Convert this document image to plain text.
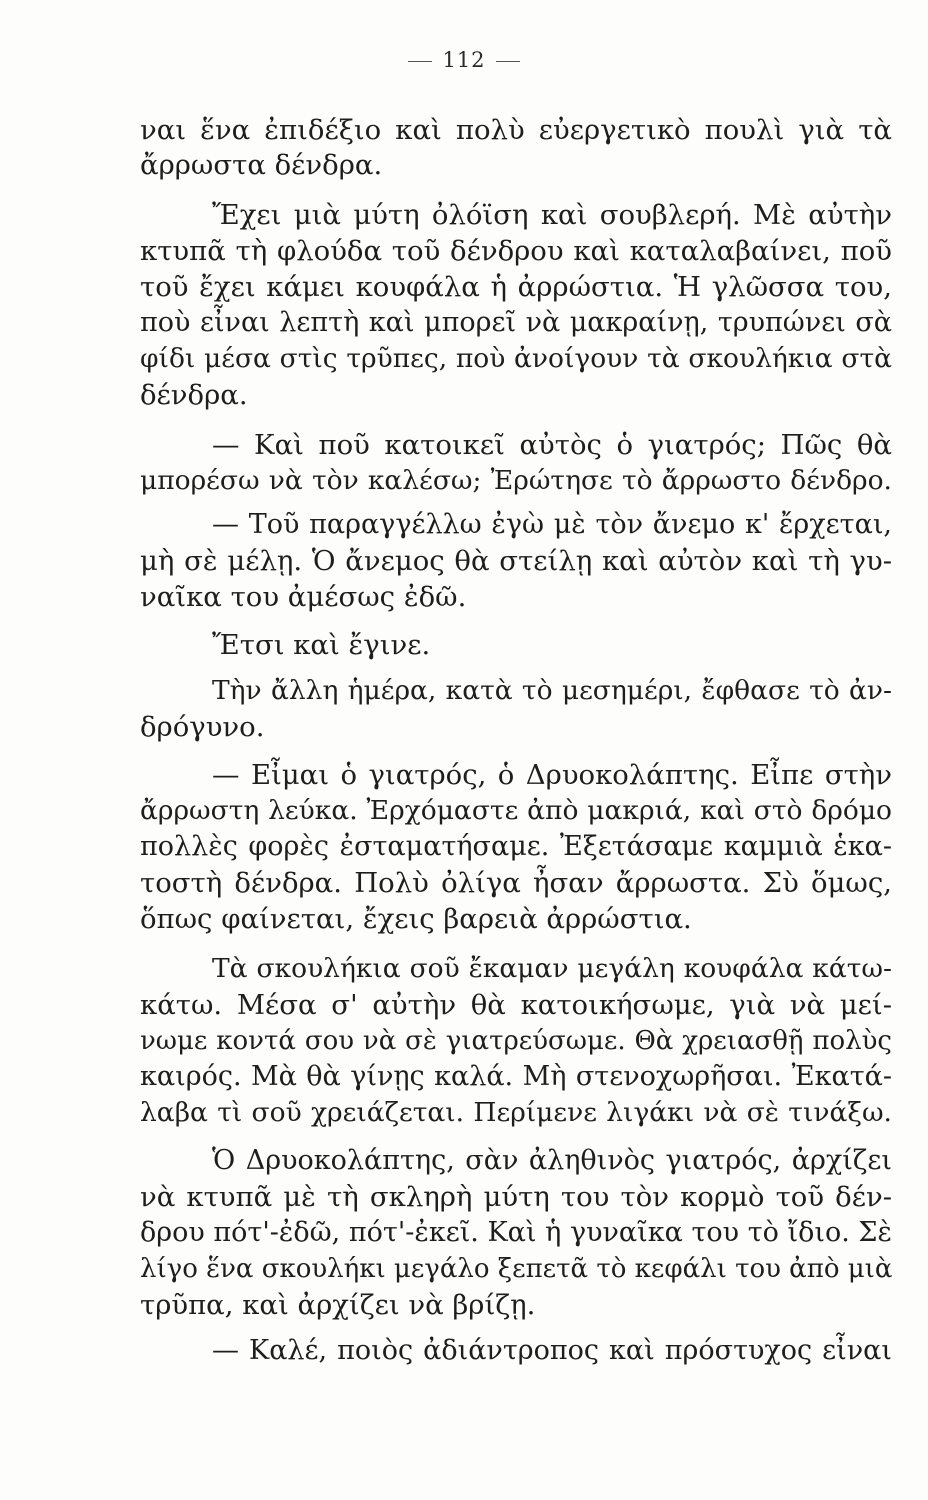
112
ναι ἕνα ἐπιδέξιο καὶ πολὺ εὐεργετικὸ πουλὶ γιὰ τὰ
ἄρρωστα δένδρα.
Ἔχει μιὰ μύτη ὀλόϊση καὶ σουβλερή. Μὲ αὐτὴν
κτυπᾶ τὴ φλούδα τοῦ δένδρου καὶ καταλαβαίνει, ποῦ
τοῦ ἔχει κάμει κουφάλα ἡ ἀρρώστια. Ἡ γλῶσσα του,
ποὺ εἶναι λεπτὴ καὶ μπορεῖ νὰ μακραίνῃ, τρυπώνει σὰ
φίδι μέσα στὶς τρῦπες, ποὺ ἀνοίγουν τὰ σκουλήκια στὰ
δένδρα.
— Καὶ ποῦ κατοικεῖ αὐτὸς ὁ γιατρός; Πῶς θὰ
μπορέσω νὰ τὸν καλέσω; Ἐρώτησε τὸ ἄρρωστο δένδρο.
— Τοῦ παραγγέλλω ἐγὼ μὲ τὸν ἄνεμο κ' ἔρχεται,
μὴ σὲ μέλῃ. Ὁ ἄνεμος θὰ στείλῃ καὶ αὐτὸν καὶ τὴ γυ-
ναῖκα του ἀμέσως ἐδῶ.
Ἔτσι καὶ ἔγινε.
Τὴν ἄλλη ἡμέρα, κατὰ τὸ μεσημέρι, ἔφθασε τὸ ἀν-
δρόγυνο.
— Εἶμαι ὁ γιατρός, ὁ Δρυοκολάπτης. Εἶπε στὴν
ἄρρωστη λεύκα. Ἐρχόμαστε ἀπὸ μακριά, καὶ στὸ δρόμο
πολλὲς φορὲς ἐσταματήσαμε. Ἐξετάσαμε καμμιὰ ἑκα-
τοστὴ δένδρα. Πολὺ ὀλίγα ἦσαν ἄρρωστα. Σὺ ὅμως,
ὅπως φαίνεται, ἔχεις βαρειὰ ἀρρώστια.
Τὰ σκουλήκια σοῦ ἔκαμαν μεγάλη κουφάλα κάτω-
κάτω. Μέσα σ' αὐτὴν θὰ κατοικήσωμε, γιὰ νὰ μεί-
νωμε κοντά σου νὰ σὲ γιατρεύσωμε. Θὰ χρειασθῇ πολὺς
καιρός. Μὰ θὰ γίνῃς καλά. Μὴ στενοχωρῆσαι. Ἐκατά-
λαβα τὶ σοῦ χρειάζεται. Περίμενε λιγάκι νὰ σὲ τινάξω.
Ὁ Δρυοκολάπτης, σὰν ἀληθινὸς γιατρός, ἀρχίζει
νὰ κτυπᾶ μὲ τὴ σκληρὴ μύτη του τὸν κορμὸ τοῦ δέν-
δρου πότ'-ἐδῶ, πότ'-ἐκεῖ. Καὶ ἡ γυναῖκα του τὸ ἴδιο. Σὲ
λίγο ἕνα σκουλήκι μεγάλο ξεπετᾶ τὸ κεφάλι του ἀπὸ μιὰ
τρῦπα, καὶ ἀρχίζει νὰ βρίζῃ.
— Καλέ, ποιὸς ἀδιάντροπος καὶ πρόστυχος εἶναι
